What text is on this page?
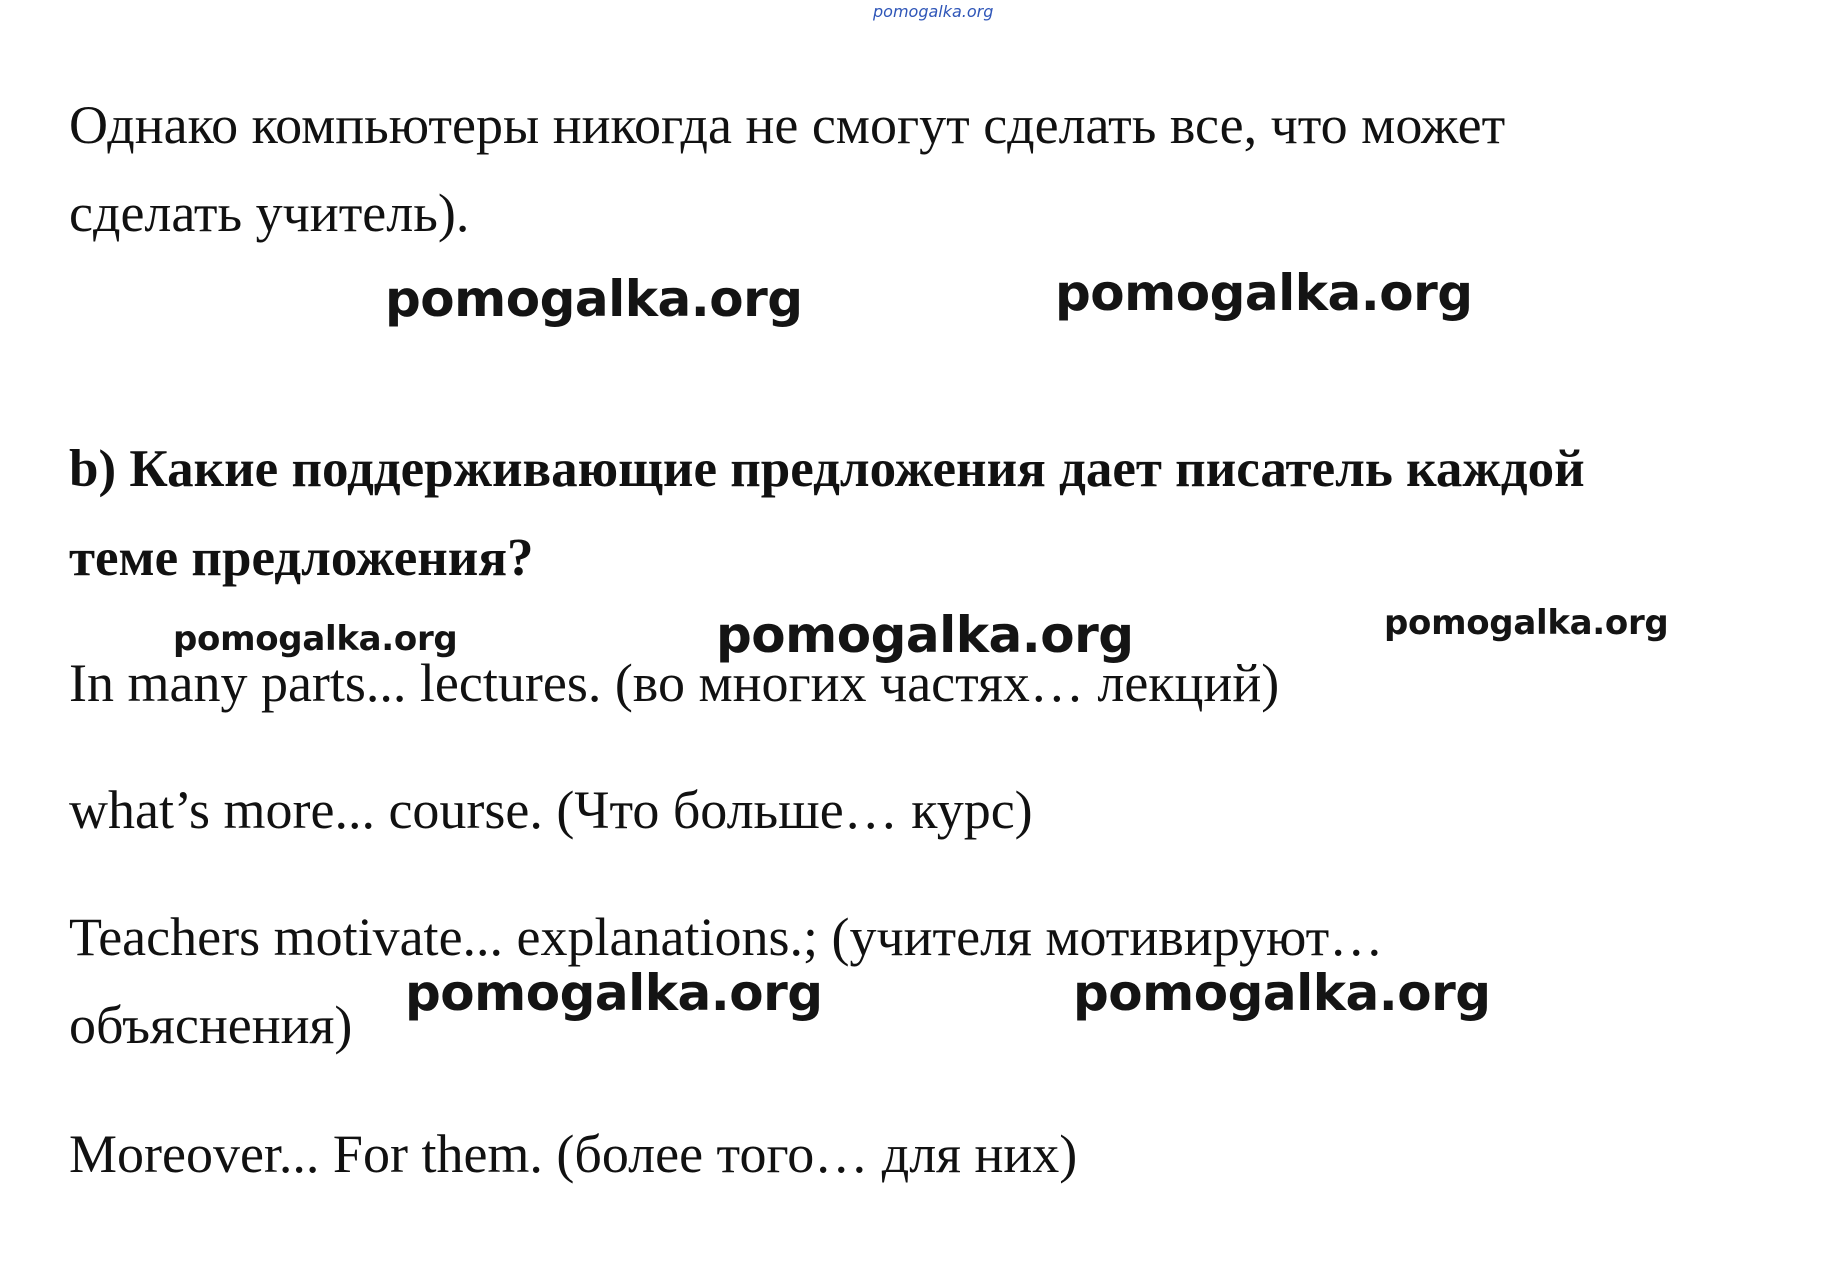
pomogalka.org

Однако компьютеры никогда не смогут сделать все, что может

сделать учитель).

pomogalka.org	pomogalka.org

b) Какие поддерживающие предложения дает писатель каждой

теме предложения?

pomogalka.org	pomogalka.org	pomogalka.org

In many parts... lectures. (во многих частях… лекций)

what’s more... course. (Что больше… курс)

Teachers motivate... explanations.; (учителя мотивируют…

объяснения)

pomogalka.org	pomogalka.org

Moreover... For them. (более того… для них)
